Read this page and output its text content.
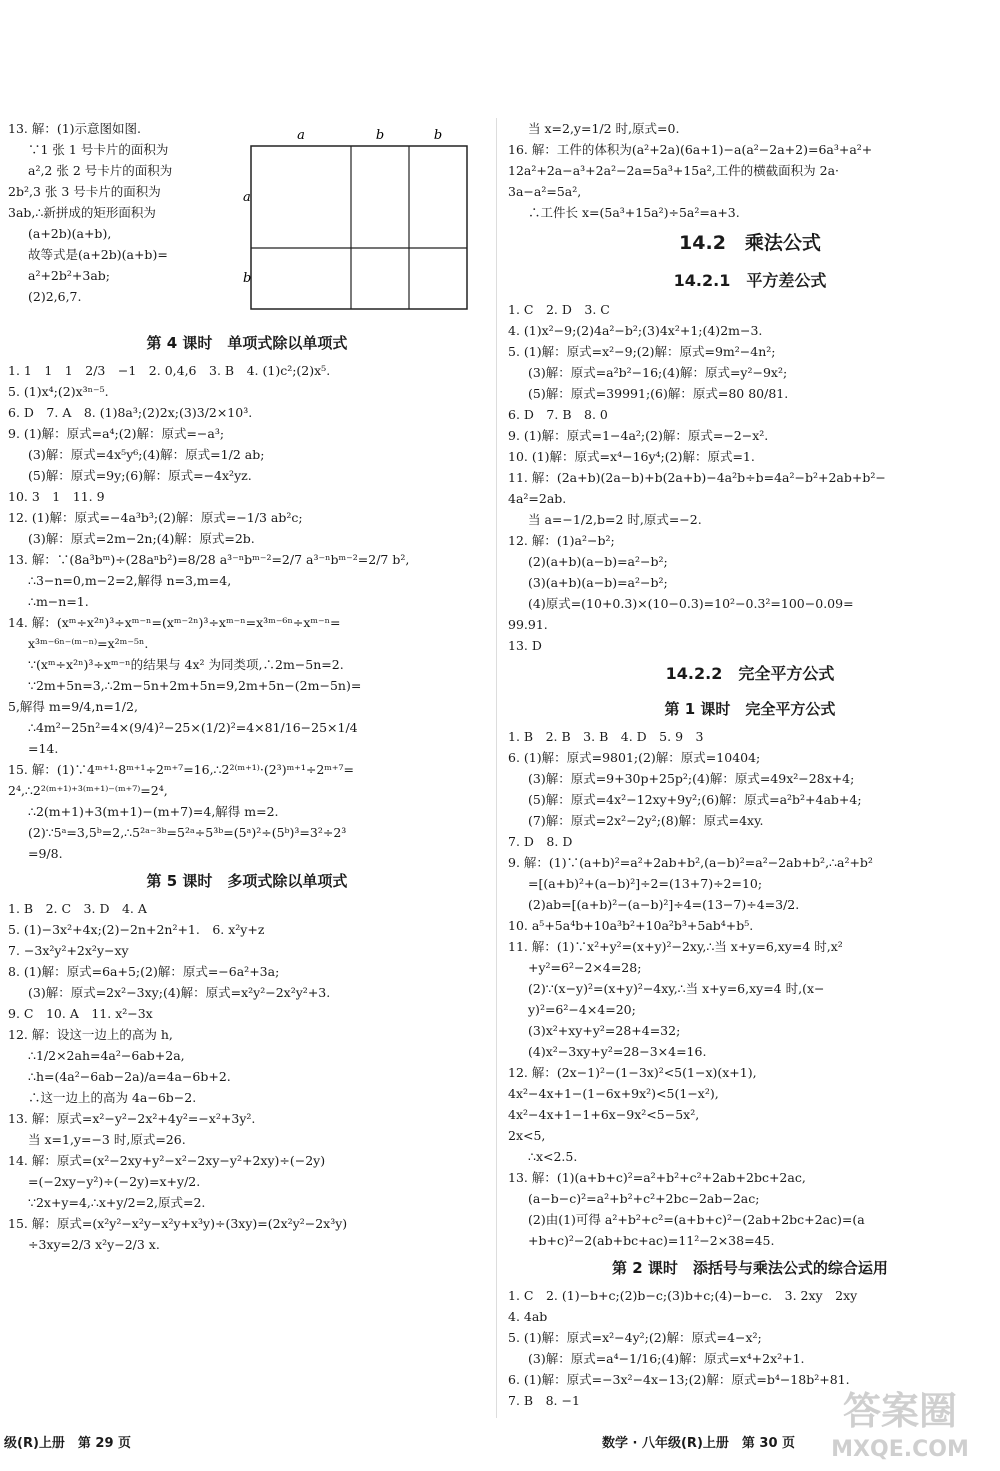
13. 解：(1)示意图如图.
∵1 张 1 号卡片的面积为
a²,2 张 2 号卡片的面积为
2b²,3 张 3 号卡片的面积为
3ab,∴新拼成的矩形面积为
(a+2b)(a+b),
故等式是(a+2b)(a+b)=
a²+2b²+3ab;
(2)2,6,7.
a	b	b
a
b
第 4 课时　单项式除以单项式
1. 1　1　1　2/3　−1　2. 0,4,6　3. B　4. (1)c²;(2)x⁵.
5. (1)x⁴;(2)x³ⁿ⁻⁵.
6. D　7. A　8. (1)8a³;(2)2x;(3)3/2×10³.
9. (1)解：原式=a⁴;(2)解：原式=−a³;
(3)解：原式=4x⁵y⁶;(4)解：原式=1/2 ab;
(5)解：原式=9y;(6)解：原式=−4x²yz.
10. 3　1　11. 9
12. (1)解：原式=−4a³b³;(2)解：原式=−1/3 ab²c;
(3)解：原式=2m−2n;(4)解：原式=2b.
13. 解：∵(8a³bᵐ)÷(28aⁿb²)=8/28 a³⁻ⁿbᵐ⁻²=2/7 a³⁻ⁿbᵐ⁻²=2/7 b²,
∴3−n=0,m−2=2,解得 n=3,m=4,
∴m−n=1.
14. 解：(xᵐ÷x²ⁿ)³÷xᵐ⁻ⁿ=(xᵐ⁻²ⁿ)³÷xᵐ⁻ⁿ=x³ᵐ⁻⁶ⁿ÷xᵐ⁻ⁿ=
x³ᵐ⁻⁶ⁿ⁻⁽ᵐ⁻ⁿ⁾=x²ᵐ⁻⁵ⁿ.
∵(xᵐ÷x²ⁿ)³÷xᵐ⁻ⁿ的结果与 4x² 为同类项,∴2m−5n=2.
∵2m+5n=3,∴2m−5n+2m+5n=9,2m+5n−(2m−5n)=
5,解得 m=9/4,n=1/2,
∴4m²−25n²=4×(9/4)²−25×(1/2)²=4×81/16−25×1/4
=14.
15. 解：(1)∵4ᵐ⁺¹·8ᵐ⁺¹÷2ᵐ⁺⁷=16,∴2²⁽ᵐ⁺¹⁾·(2³)ᵐ⁺¹÷2ᵐ⁺⁷=
2⁴,∴2²⁽ᵐ⁺¹⁾⁺³⁽ᵐ⁺¹⁾⁻⁽ᵐ⁺⁷⁾=2⁴,
∴2(m+1)+3(m+1)−(m+7)=4,解得 m=2.
(2)∵5ᵃ=3,5ᵇ=2,∴5²ᵃ⁻³ᵇ=5²ᵃ÷5³ᵇ=(5ᵃ)²÷(5ᵇ)³=3²÷2³
=9/8.
第 5 课时　多项式除以单项式
1. B　2. C　3. D　4. A
5. (1)−3x²+4x;(2)−2n+2n²+1.　6. x²y+z
7. −3x²y²+2x²y−xy
8. (1)解：原式=6a+5;(2)解：原式=−6a²+3a;
(3)解：原式=2x²−3xy;(4)解：原式=x²y²−2x²y²+3.
9. C　10. A　11. x²−3x
12. 解：设这一边上的高为 h,
∴1/2×2ah=4a²−6ab+2a,
∴h=(4a²−6ab−2a)/a=4a−6b+2.
∴这一边上的高为 4a−6b−2.
13. 解：原式=x²−y²−2x²+4y²=−x²+3y².
当 x=1,y=−3 时,原式=26.
14. 解：原式=(x²−2xy+y²−x²−2xy−y²+2xy)÷(−2y)
=(−2xy−y²)÷(−2y)=x+y/2.
∵2x+y=4,∴x+y/2=2,原式=2.
15. 解：原式=(x²y²−x²y−x²y+x³y)÷(3xy)=(2x²y²−2x³y)
÷3xy=2/3 x²y−2/3 x.
当 x=2,y=1/2 时,原式=0.
16. 解：工件的体积为(a²+2a)(6a+1)−a(a²−2a+2)=6a³+a²+
12a²+2a−a³+2a²−2a=5a³+15a²,工件的横截面积为 2a·
3a−a²=5a²,
∴工件长 x=(5a³+15a²)÷5a²=a+3.
14.2　乘法公式
14.2.1　平方差公式
1. C　2. D　3. C
4. (1)x²−9;(2)4a²−b²;(3)4x²+1;(4)2m−3.
5. (1)解：原式=x²−9;(2)解：原式=9m²−4n²;
(3)解：原式=a²b²−16;(4)解：原式=y²−9x²;
(5)解：原式=39991;(6)解：原式=80 80/81.
6. D　7. B　8. 0
9. (1)解：原式=1−4a²;(2)解：原式=−2−x².
10. (1)解：原式=x⁴−16y⁴;(2)解：原式=1.
11. 解：(2a+b)(2a−b)+b(2a+b)−4a²b÷b=4a²−b²+2ab+b²−
4a²=2ab.
当 a=−1/2,b=2 时,原式=−2.
12. 解：(1)a²−b²;
(2)(a+b)(a−b)=a²−b²;
(3)(a+b)(a−b)=a²−b²;
(4)原式=(10+0.3)×(10−0.3)=10²−0.3²=100−0.09=
99.91.
13. D
14.2.2　完全平方公式
第 1 课时　完全平方公式
1. B　2. B　3. B　4. D　5. 9　3
6. (1)解：原式=9801;(2)解：原式=10404;
(3)解：原式=9+30p+25p²;(4)解：原式=49x²−28x+4;
(5)解：原式=4x²−12xy+9y²;(6)解：原式=a²b²+4ab+4;
(7)解：原式=2x²−2y²;(8)解：原式=4xy.
7. D　8. D
9. 解：(1)∵(a+b)²=a²+2ab+b²,(a−b)²=a²−2ab+b²,∴a²+b²
=[(a+b)²+(a−b)²]÷2=(13+7)÷2=10;
(2)ab=[(a+b)²−(a−b)²]÷4=(13−7)÷4=3/2.
10. a⁵+5a⁴b+10a³b²+10a²b³+5ab⁴+b⁵.
11. 解：(1)∵x²+y²=(x+y)²−2xy,∴当 x+y=6,xy=4 时,x²
+y²=6²−2×4=28;
(2)∵(x−y)²=(x+y)²−4xy,∴当 x+y=6,xy=4 时,(x−
y)²=6²−4×4=20;
(3)x²+xy+y²=28+4=32;
(4)x²−3xy+y²=28−3×4=16.
12. 解：(2x−1)²−(1−3x)²<5(1−x)(x+1),
4x²−4x+1−(1−6x+9x²)<5(1−x²),
4x²−4x+1−1+6x−9x²<5−5x²,
2x<5,
∴x<2.5.
13. 解：(1)(a+b+c)²=a²+b²+c²+2ab+2bc+2ac,
(a−b−c)²=a²+b²+c²+2bc−2ab−2ac;
(2)由(1)可得 a²+b²+c²=(a+b+c)²−(2ab+2bc+2ac)=(a
+b+c)²−2(ab+bc+ac)=11²−2×38=45.
第 2 课时　添括号与乘法公式的综合运用
1. C　2. (1)−b+c;(2)b−c;(3)b+c;(4)−b−c.　3. 2xy　2xy
4. 4ab
5. (1)解：原式=x²−4y²;(2)解：原式=4−x²;
(3)解：原式=a⁴−1/16;(4)解：原式=x⁴+2x²+1.
6. (1)解：原式=−3x²−4x−13;(2)解：原式=b⁴−18b²+81.
7. B　8. −1
级(R)上册　第 29 页	数学 · 八年级(R)上册　第 30 页
答案圈
MXQE.COM
